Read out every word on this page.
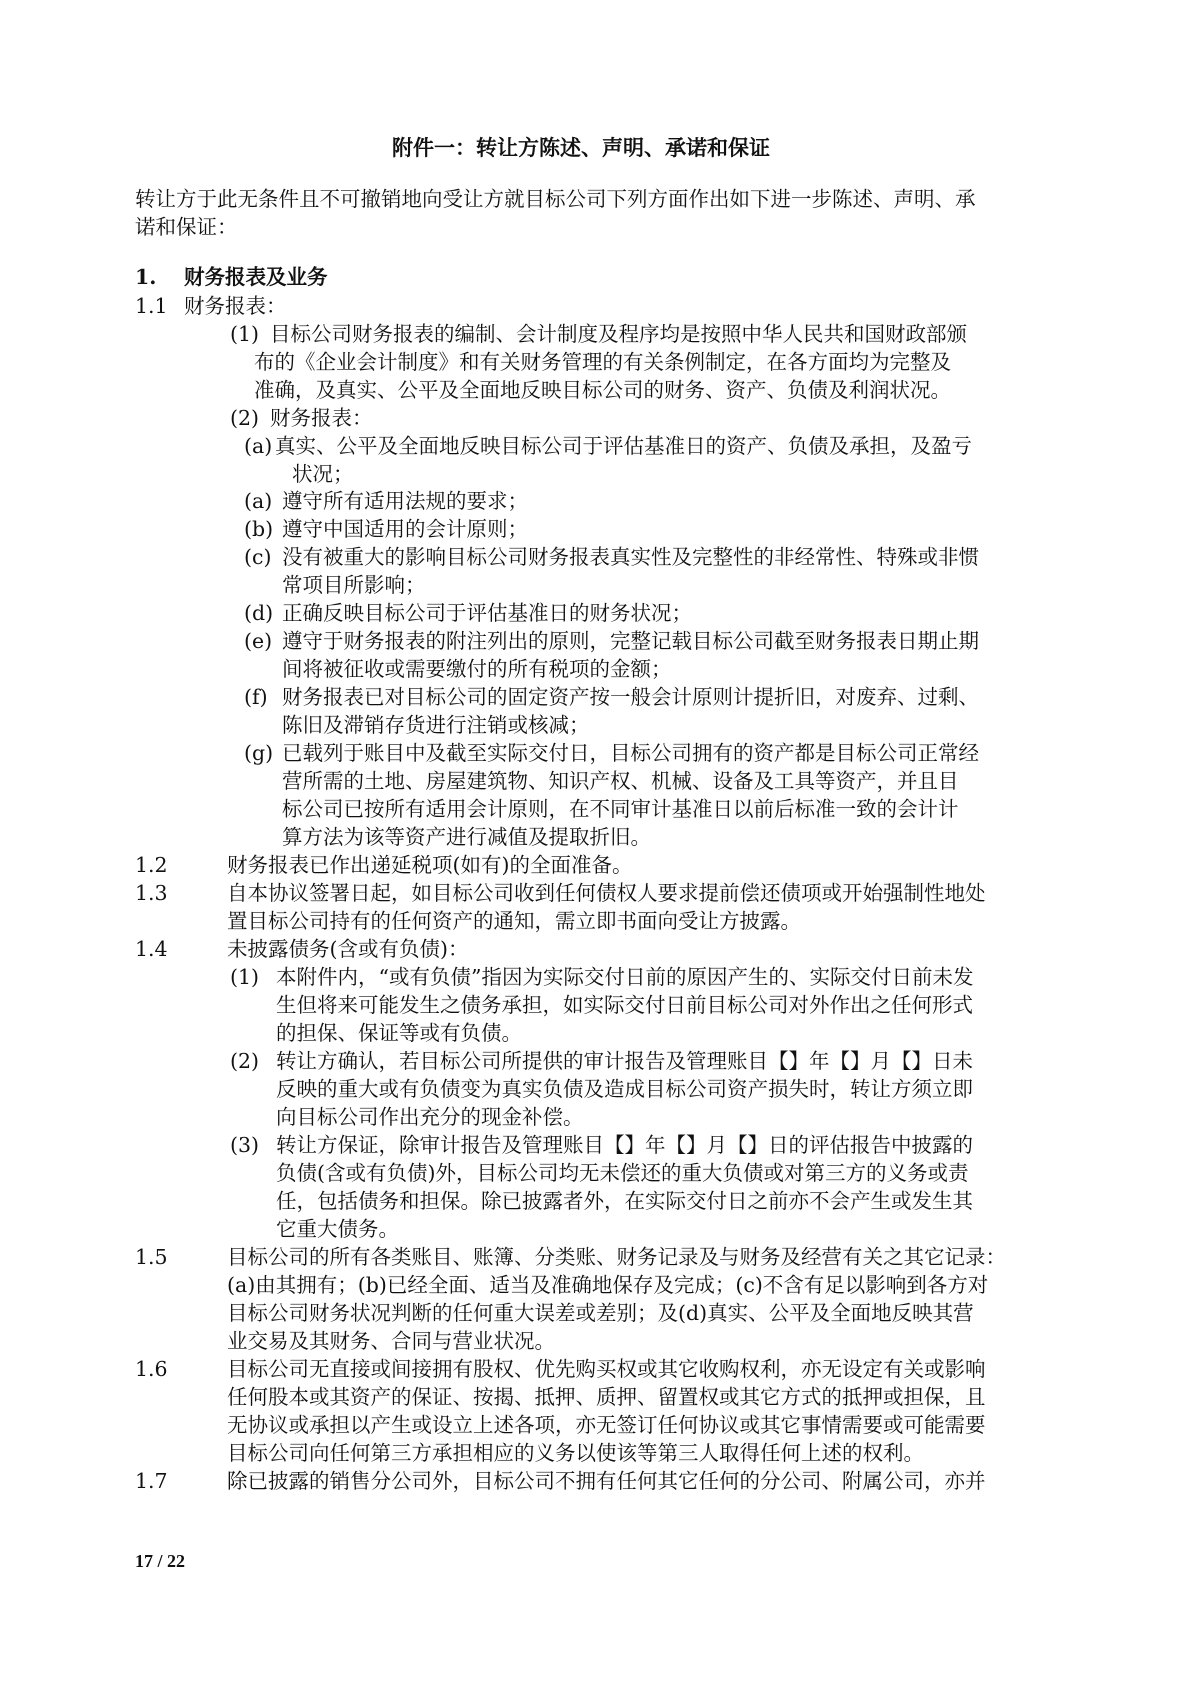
附件一：转让方陈述、声明、承诺和保证
转让方于此无条件且不可撤销地向受让方就目标公司下列方面作出如下进一步陈述、声明、承
诺和保证：
1. 财务报表及业务
1.1 财务报表：
(1) 目标公司财务报表的编制、会计制度及程序均是按照中华人民共和国财政部颁
布的《企业会计制度》和有关财务管理的有关条例制定，在各方面均为完整及
准确，及真实、公平及全面地反映目标公司的财务、资产、负债及利润状况。
(2) 财务报表：
(a) 真实、公平及全面地反映目标公司于评估基准日的资产、负债及承担，及盈亏
状况；
(a) 遵守所有适用法规的要求；
(b) 遵守中国适用的会计原则；
(c) 没有被重大的影响目标公司财务报表真实性及完整性的非经常性、特殊或非惯
常项目所影响；
(d) 正确反映目标公司于评估基准日的财务状况；
(e) 遵守于财务报表的附注列出的原则，完整记载目标公司截至财务报表日期止期
间将被征收或需要缴付的所有税项的金额；
(f) 财务报表已对目标公司的固定资产按一般会计原则计提折旧，对废弃、过剩、
陈旧及滞销存货进行注销或核减；
(g) 已载列于账目中及截至实际交付日，目标公司拥有的资产都是目标公司正常经
营所需的土地、房屋建筑物、知识产权、机械、设备及工具等资产，并且目
标公司已按所有适用会计原则，在不同审计基准日以前后标准一致的会计计
算方法为该等资产进行减值及提取折旧。
1.2	财务报表已作出递延税项(如有)的全面准备。
1.3	自本协议签署日起，如目标公司收到任何债权人要求提前偿还债项或开始强制性地处
置目标公司持有的任何资产的通知，需立即书面向受让方披露。
1.4	未披露债务(含或有负债)：
(1) 本附件内，“或有负债”指因为实际交付日前的原因产生的、实际交付日前未发
生但将来可能发生之债务承担，如实际交付日前目标公司对外作出之任何形式
的担保、保证等或有负债。
(2) 转让方确认，若目标公司所提供的审计报告及管理账目【】年【】月【】日未
反映的重大或有负债变为真实负债及造成目标公司资产损失时，转让方须立即
向目标公司作出充分的现金补偿。
(3) 转让方保证，除审计报告及管理账目【】年【】月【】日的评估报告中披露的
负债(含或有负债)外，目标公司均无未偿还的重大负债或对第三方的义务或责
任，包括债务和担保。除已披露者外，在实际交付日之前亦不会产生或发生其
它重大债务。
1.5	目标公司的所有各类账目、账簿、分类账、财务记录及与财务及经营有关之其它记录：
(a)由其拥有；(b)已经全面、适当及准确地保存及完成；(c)不含有足以影响到各方对
目标公司财务状况判断的任何重大误差或差别；及(d)真实、公平及全面地反映其营
业交易及其财务、合同与营业状况。
1.6	目标公司无直接或间接拥有股权、优先购买权或其它收购权利，亦无设定有关或影响
任何股本或其资产的保证、按揭、抵押、质押、留置权或其它方式的抵押或担保，且
无协议或承担以产生或设立上述各项，亦无签订任何协议或其它事情需要或可能需要
目标公司向任何第三方承担相应的义务以使该等第三人取得任何上述的权利。
1.7	除已披露的销售分公司外，目标公司不拥有任何其它任何的分公司、附属公司，亦并
17 / 22
